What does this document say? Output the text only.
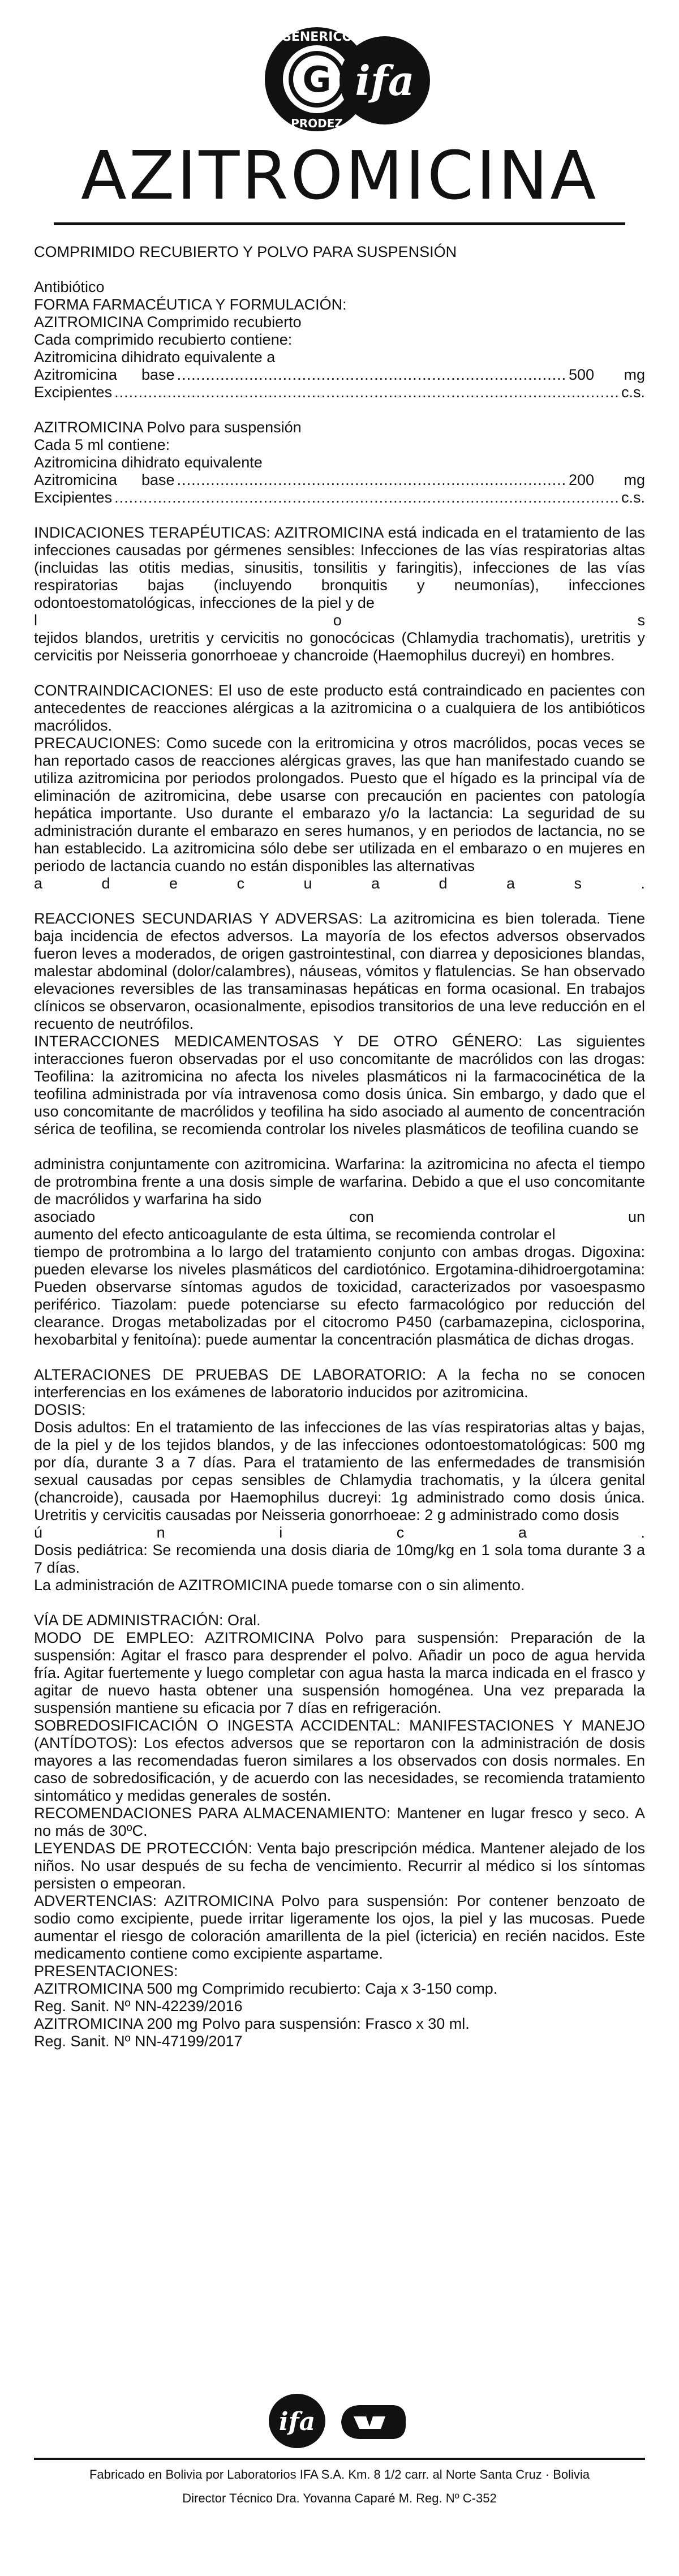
G
GENERICO
PRODEZ
ifa
AZITROMICINA

COMPRIMIDO RECUBIERTO Y POLVO PARA SUSPENSIÓN

Antibiótico

FORMA FARMACÉUTICA Y FORMULACIÓN:

AZITROMICINA Comprimido recubierto

Cada comprimido recubierto contiene:

Azitromicina dihidrato equivalente a

Azitromicina	base .....	500	mg
Excipientes .....	c.s.

AZITROMICINA Polvo para suspensión

Cada 5 ml contiene:

Azitromicina dihidrato equivalente

Azitromicina	base .....	200	mg
Excipientes .....	c.s.

INDICACIONES TERAPÉUTICAS: AZITROMICINA está indicada en el tratamiento de las infecciones causadas por gérmenes sensibles: Infecciones de las vías respiratorias altas (incluidas las otitis medias, sinusitis, tonsilitis y faringitis), infecciones de las vías respiratorias bajas (incluyendo bronquitis y neumonías), infecciones odontoestomatológicas, infecciones de la piel y de

l	o	s

tejidos blandos, uretritis y cervicitis no gonocócicas (Chlamydia trachomatis), uretritis y cervicitis por Neisseria gonorrhoeae y chancroide (Haemophilus ducreyi) en hombres.

CONTRAINDICACIONES: El uso de este producto está contraindicado en pacientes con antecedentes de reacciones alérgicas a la azitromicina o a cualquiera de los antibióticos macrólidos.

PRECAUCIONES: Como sucede con la eritromicina y otros macrólidos, pocas veces se han reportado casos de reacciones alérgicas graves, las que han manifestado cuando se utiliza azitromicina por periodos prolongados. Puesto que el hígado es la principal vía de eliminación de azitromicina, debe usarse con precaución en pacientes con patología hepática importante. Uso durante el embarazo y/o la lactancia: La seguridad de su administración durante el embarazo en seres humanos, y en periodos de lactancia, no se han establecido. La azitromicina sólo debe ser utilizada en el embarazo o en mujeres en periodo de lactancia cuando no están disponibles las alternativas

a	d	e	c	u	a	d	a	s	.

REACCIONES SECUNDARIAS Y ADVERSAS: La azitromicina es bien tolerada. Tiene baja incidencia de efectos adversos. La mayoría de los efectos adversos observados fueron leves a moderados, de origen gastrointestinal, con diarrea y deposiciones blandas, malestar abdominal (dolor/calambres), náuseas, vómitos y flatulencias. Se han observado elevaciones reversibles de las transaminasas hepáticas en forma ocasional. En trabajos clínicos se observaron, ocasionalmente, episodios transitorios de una leve reducción en el recuento de neutrófilos.

INTERACCIONES MEDICAMENTOSAS Y DE OTRO GÉNERO: Las siguientes interacciones fueron observadas por el uso concomitante de macrólidos con las drogas: Teofilina: la azitromicina no afecta los niveles plasmáticos ni la farmacocinética de la teofilina administrada por vía intravenosa como dosis única. Sin embargo, y dado que el uso concomitante de macrólidos y teofilina ha sido asociado al aumento de concentración sérica de teofilina, se recomienda controlar los niveles plasmáticos de teofilina cuando se

administra conjuntamente con azitromicina. Warfarina: la azitromicina no afecta el tiempo de protrombina frente a una dosis simple de warfarina. Debido a que el uso concomitante de macrólidos y warfarina ha sido

asociado	con	un

aumento del efecto anticoagulante de esta última, se recomienda controlar el

tiempo de protrombina a lo largo del tratamiento conjunto con ambas drogas. Digoxina: pueden elevarse los niveles plasmáticos del cardiotónico. Ergotamina-dihidroergotamina: Pueden observarse síntomas agudos de toxicidad, caracterizados por vasoespasmo periférico. Tiazolam: puede potenciarse su efecto farmacológico por reducción del clearance. Drogas metabolizadas por el citocromo P450 (carbamazepina, ciclosporina, hexobarbital y fenitoína): puede aumentar la concentración plasmática de dichas drogas.

ALTERACIONES DE PRUEBAS DE LABORATORIO: A la fecha no se conocen interferencias en los exámenes de laboratorio inducidos por azitromicina.

DOSIS:

Dosis adultos: En el tratamiento de las infecciones de las vías respiratorias altas y bajas, de la piel y de los tejidos blandos, y de las infecciones odontoestomatológicas: 500 mg por día, durante 3 a 7 días. Para el tratamiento de las enfermedades de transmisión sexual causadas por cepas sensibles de Chlamydia trachomatis, y la úlcera genital (chancroide), causada por Haemophilus ducreyi: 1g administrado como dosis única. Uretritis y cervicitis causadas por Neisseria gonorrhoeae: 2 g administrado como dosis

ú	n	i	c	a	.

Dosis pediátrica: Se recomienda una dosis diaria de 10mg/kg en 1 sola toma durante 3 a 7 días.

La administración de AZITROMICINA puede tomarse con o sin alimento.

VÍA DE ADMINISTRACIÓN: Oral.

MODO DE EMPLEO: AZITROMICINA Polvo para suspensión: Preparación de la suspensión: Agitar el frasco para desprender el polvo. Añadir un poco de agua hervida fría. Agitar fuertemente y luego completar con agua hasta la marca indicada en el frasco y agitar de nuevo hasta obtener una suspensión homogénea. Una vez preparada la suspensión mantiene su eficacia por 7 días en refrigeración.

SOBREDOSIFICACIÓN O INGESTA ACCIDENTAL: MANIFESTACIONES Y MANEJO (ANTÍDOTOS): Los efectos adversos que se reportaron con la administración de dosis mayores a las recomendadas fueron similares a los observados con dosis normales. En caso de sobredosificación, y de acuerdo con las necesidades, se recomienda tratamiento sintomático y medidas generales de sostén.

RECOMENDACIONES PARA ALMACENAMIENTO: Mantener en lugar fresco y seco. A no más de 30ºC.

LEYENDAS DE PROTECCIÓN: Venta bajo prescripción médica. Mantener alejado de los niños. No usar después de su fecha de vencimiento. Recurrir al médico si los síntomas persisten o empeoran.

ADVERTENCIAS: AZITROMICINA Polvo para suspensión: Por contener benzoato de sodio como excipiente, puede irritar ligeramente los ojos, la piel y las mucosas. Puede aumentar el riesgo de coloración amarillenta de la piel (ictericia) en recién nacidos. Este medicamento contiene como excipiente aspartame.

PRESENTACIONES:

AZITROMICINA 500 mg Comprimido recubierto: Caja x 3-150 comp.

Reg. Sanit. Nº NN-42239/2016

AZITROMICINA 200 mg Polvo para suspensión: Frasco x 30 ml.

Reg. Sanit. Nº NN-47199/2017

ifa
Fabricado en Bolivia por Laboratorios IFA S.A. Km. 8 1/2 carr. al Norte Santa Cruz · Bolivia
Director Técnico Dra. Yovanna Caparé M. Reg. Nº C-352
